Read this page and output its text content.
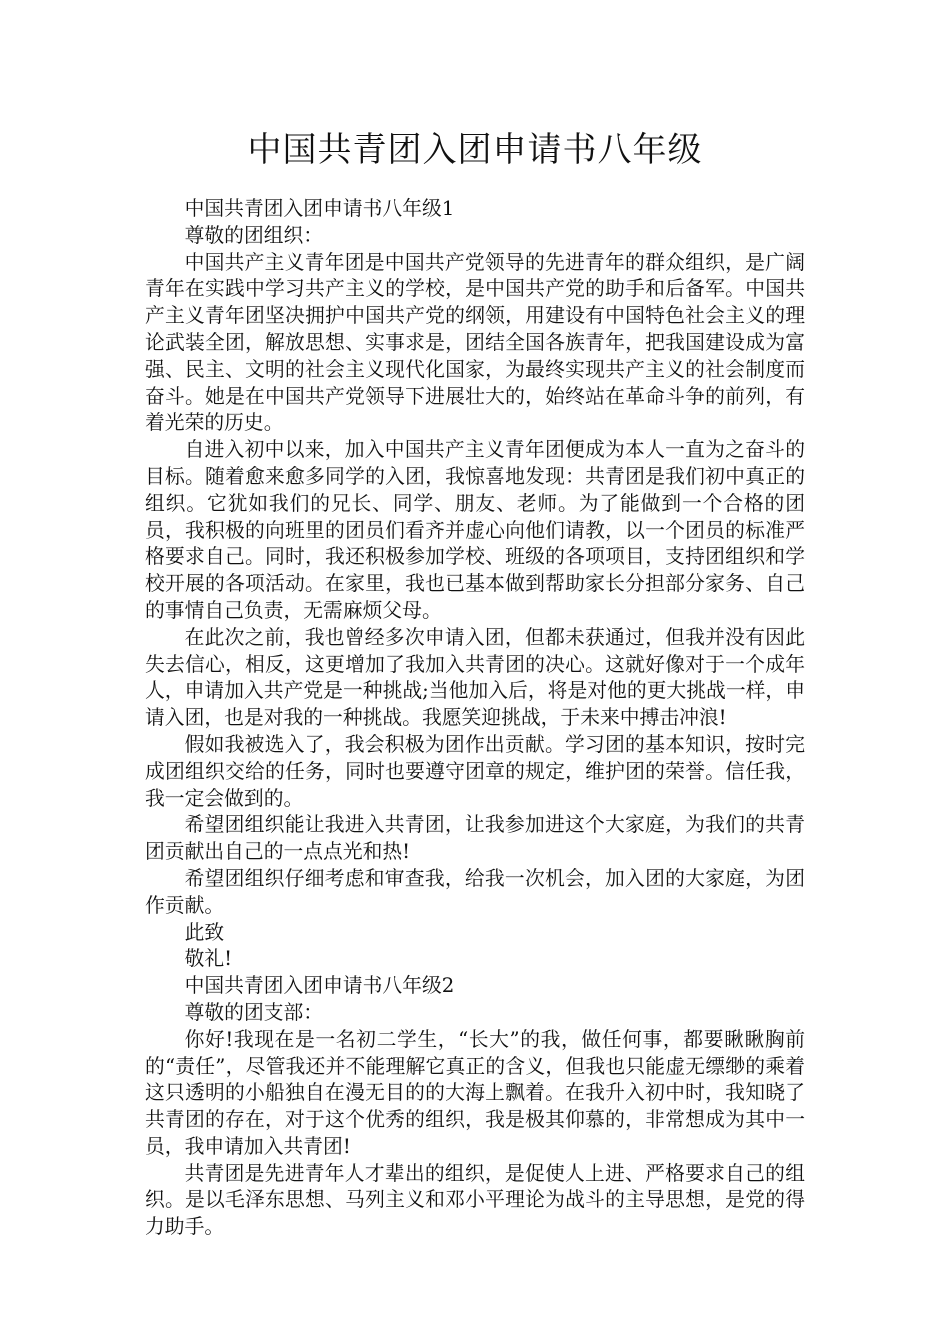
中国共青团入团申请书八年级

中国共青团入团申请书八年级1

尊敬的团组织：

中国共产主义青年团是中国共产党领导的先进青年的群众组织，是广阔青年在实践中学习共产主义的学校，是中国共产党的助手和后备军。中国共产主义青年团坚决拥护中国共产党的纲领，用建设有中国特色社会主义的理论武装全团，解放思想、实事求是，团结全国各族青年，把我国建设成为富强、民主、文明的社会主义现代化国家，为最终实现共产主义的社会制度而奋斗。她是在中国共产党领导下进展壮大的，始终站在革命斗争的前列，有着光荣的历史。

自进入初中以来，加入中国共产主义青年团便成为本人一直为之奋斗的目标。随着愈来愈多同学的入团，我惊喜地发现：共青团是我们初中真正的组织。它犹如我们的兄长、同学、朋友、老师。为了能做到一个合格的团员，我积极的向班里的团员们看齐并虚心向他们请教，以一个团员的标准严格要求自己。同时，我还积极参加学校、班级的各项项目，支持团组织和学校开展的各项活动。在家里，我也已基本做到帮助家长分担部分家务、自己的事情自己负责，无需麻烦父母。

在此次之前，我也曾经多次申请入团，但都未获通过，但我并没有因此失去信心，相反，这更增加了我加入共青团的决心。这就好像对于一个成年人，申请加入共产党是一种挑战;当他加入后，将是对他的更大挑战一样，申请入团，也是对我的一种挑战。我愿笑迎挑战，于未来中搏击冲浪!

假如我被选入了，我会积极为团作出贡献。学习团的基本知识，按时完成团组织交给的任务，同时也要遵守团章的规定，维护团的荣誉。信任我，我一定会做到的。

希望团组织能让我进入共青团，让我参加进这个大家庭，为我们的共青团贡献出自己的一点点光和热!

希望团组织仔细考虑和审查我，给我一次机会，加入团的大家庭，为团作贡献。

此致

敬礼!

中国共青团入团申请书八年级2

尊敬的团支部：

你好!我现在是一名初二学生，“长大”的我，做任何事，都要瞅瞅胸前的“责任”，尽管我还并不能理解它真正的含义，但我也只能虚无缥缈的乘着这只透明的小船独自在漫无目的的大海上飘着。在我升入初中时，我知晓了共青团的存在，对于这个优秀的组织，我是极其仰慕的，非常想成为其中一员，我申请加入共青团!

共青团是先进青年人才辈出的组织，是促使人上进、严格要求自己的组织。是以毛泽东思想、马列主义和邓小平理论为战斗的主导思想，是党的得力助手。
